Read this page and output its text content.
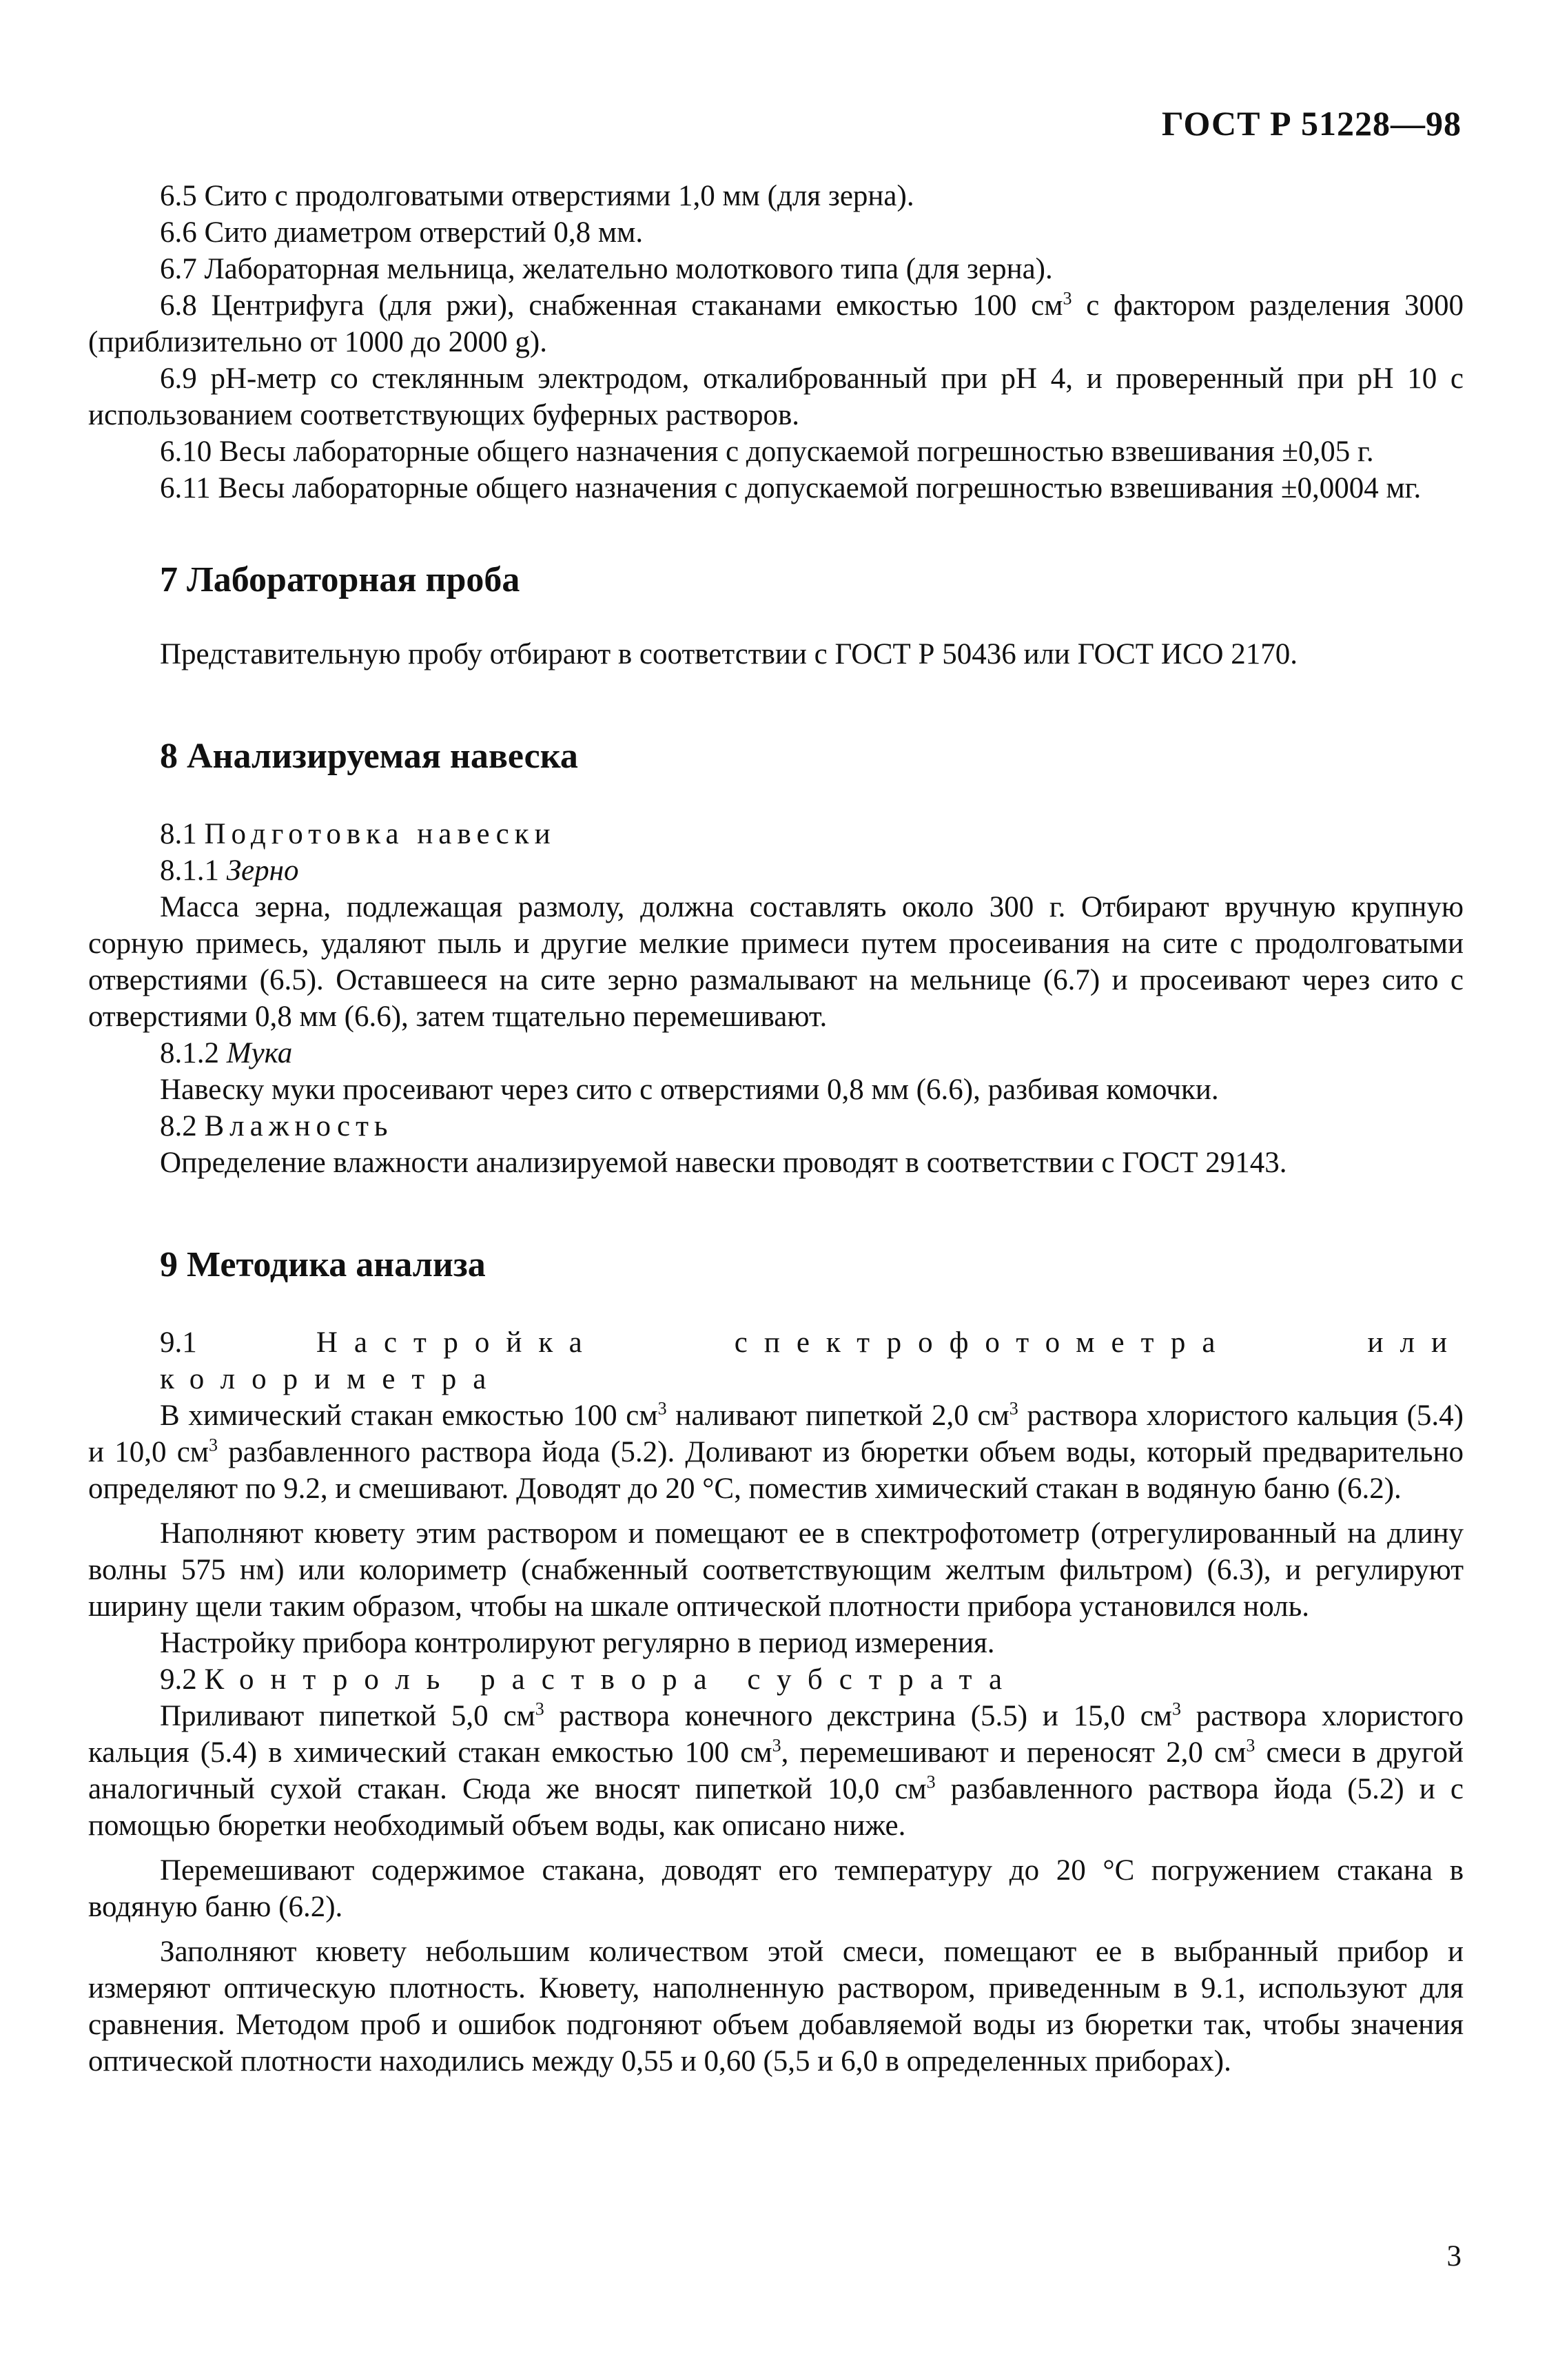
ГОСТ Р 51228—98

6.5 Сито с продолговатыми отверстиями 1,0 мм (для зерна).

6.6 Сито диаметром отверстий 0,8 мм.

6.7 Лабораторная мельница, желательно молоткового типа (для зерна).

6.8 Центрифуга (для ржи), снабженная стаканами емкостью 100 $см^3$ с фактором разделения 3000 (приблизительно от 1000 до 2000 g).

6.9 pH-метр со стеклянным электродом, откалиброванный при pH 4, и проверенный при pH 10 с использованием соответствующих буферных растворов.

6.10 Весы лабораторные общего назначения с допускаемой погрешностью взвешивания ±0,05 г.

6.11 Весы лабораторные общего назначения с допускаемой погрешностью взвешивания ±0,0004 мг.

7 Лабораторная проба

Представительную пробу отбирают в соответствии с ГОСТ Р 50436 или ГОСТ ИСО 2170.

8 Анализируемая навеска

8.1 Подготовка навески

8.1.1 Зерно

Масса зерна, подлежащая размолу, должна составлять около 300 г. Отбирают вручную крупную сорную примесь, удаляют пыль и другие мелкие примеси путем просеивания на сите с продолговатыми отверстиями (6.5). Оставшееся на сите зерно размалывают на мельнице (6.7) и просеивают через сито с отверстиями 0,8 мм (6.6), затем тщательно перемешивают.

8.1.2 Мука

Навеску муки просеивают через сито с отверстиями 0,8 мм (6.6), разбивая комочки.

8.2 Влажность

Определение влажности анализируемой навески проводят в соответствии с ГОСТ 29143.

9 Методика анализа

9.1	Настройка спектрофотометра или колориметра

В химический стакан емкостью 100 $см^3$ наливают пипеткой 2,0 $см^3$ раствора хлористого кальция (5.4) и 10,0 $см^3$ разбавленного раствора йода (5.2). Доливают из бюретки объем воды, который предварительно определяют по 9.2, и смешивают. Доводят до 20 °С, поместив химический стакан в водяную баню (6.2).

Наполняют кювету этим раствором и помещают ее в спектрофотометр (отрегулированный на длину волны 575 нм) или колориметр (снабженный соответствующим желтым фильтром) (6.3), и регулируют ширину щели таким образом, чтобы на шкале оптической плотности прибора установился ноль.

Настройку прибора контролируют регулярно в период измерения.

9.2 Контроль раствора субстрата

Приливают пипеткой 5,0 $см^3$ раствора конечного декстрина (5.5) и 15,0 $см^3$ раствора хлористого кальция (5.4) в химический стакан емкостью 100 $см^3$, перемешивают и переносят 2,0 $см^3$ смеси в другой аналогичный сухой стакан. Сюда же вносят пипеткой 10,0 $см^3$ разбавленного раствора йода (5.2) и с помощью бюретки необходимый объем воды, как описано ниже.

Перемешивают содержимое стакана, доводят его температуру до 20 °С погружением стакана в водяную баню (6.2).

Заполняют кювету небольшим количеством этой смеси, помещают ее в выбранный прибор и измеряют оптическую плотность. Кювету, наполненную раствором, приведенным в 9.1, используют для сравнения. Методом проб и ошибок подгоняют объем добавляемой воды из бюретки так, чтобы значения оптической плотности находились между 0,55 и 0,60 (5,5 и 6,0 в определенных приборах).

3
